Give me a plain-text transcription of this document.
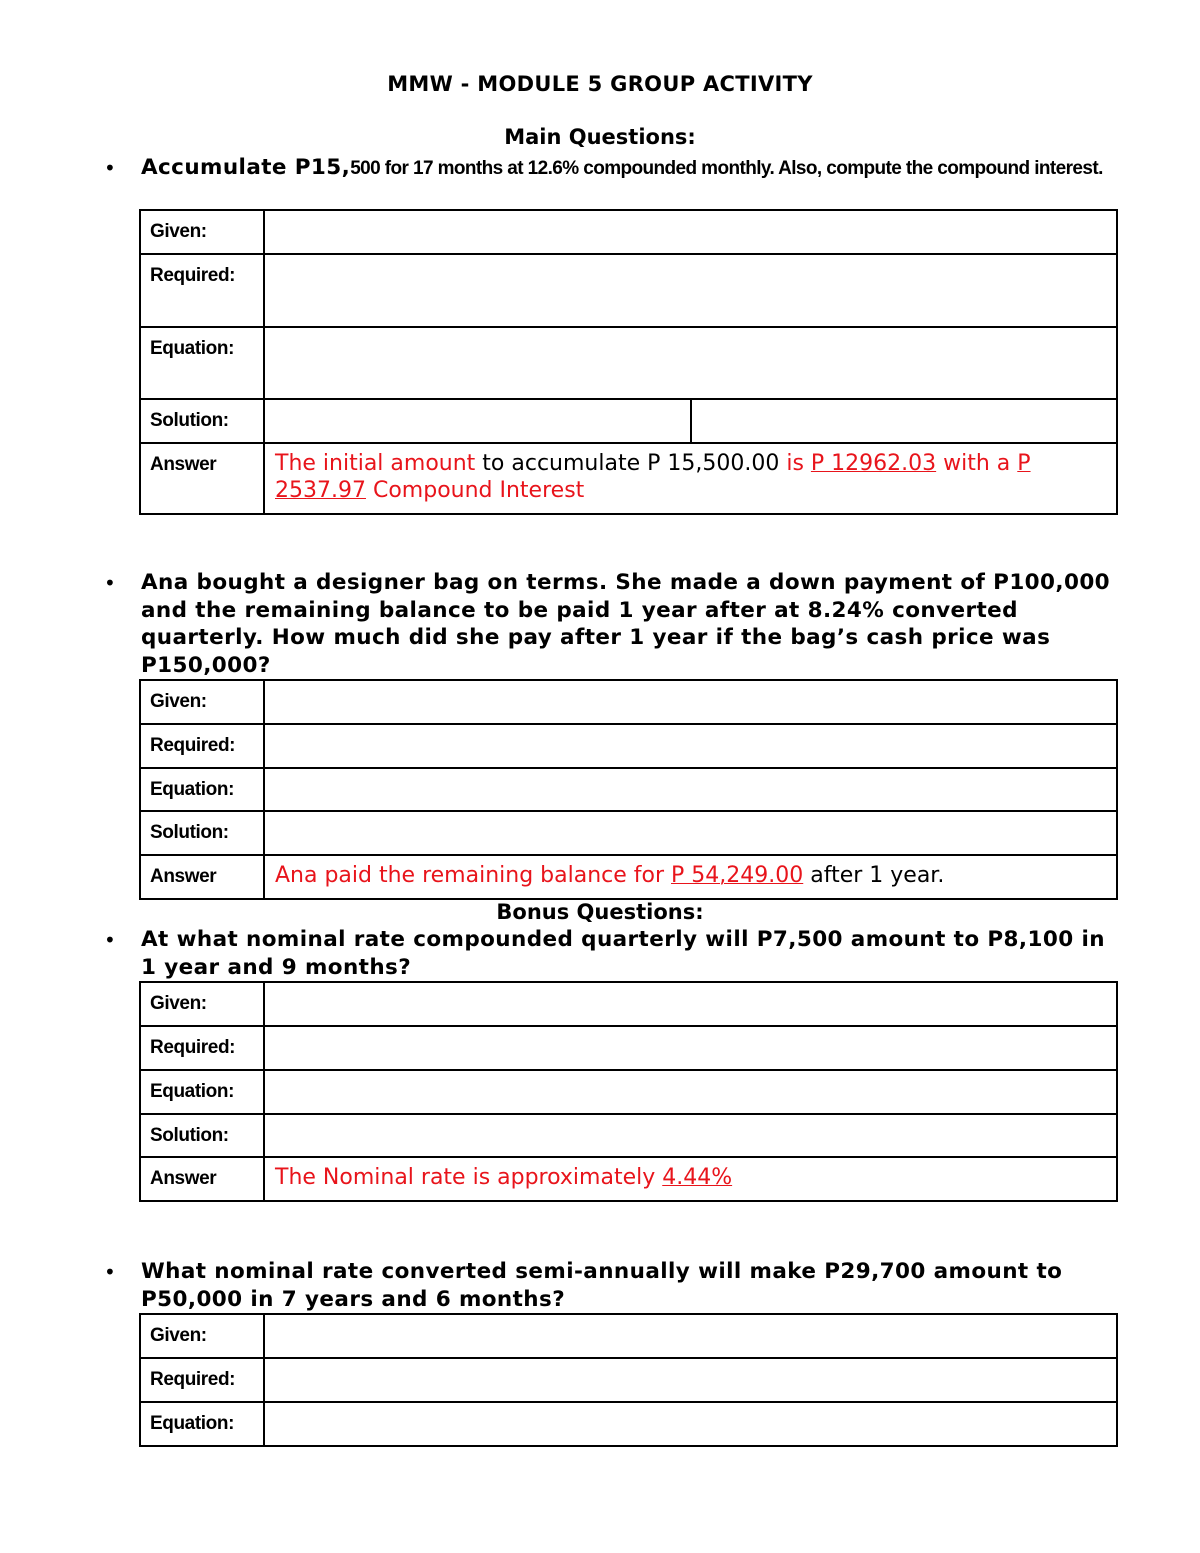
MMW - MODULE 5 GROUP ACTIVITY
Main Questions:
• Accumulate P15,500 for 17 months at 12.6% compounded monthly. Also, compute the compound interest.
Given:		
Required:		
Equation:		
Solution:		
Answer	The initial amount to accumulate P 15,500.00 is P 12962.03 with a P 2537.97 Compound Interest	
• Ana bought a designer bag on terms. She made a down payment of P100,000 and the remaining balance to be paid 1 year after at 8.24% converted quarterly. How much did she pay after 1 year if the bag’s cash price was P150,000?
Given:	
Required:	
Equation:	
Solution:	
Answer	Ana paid the remaining balance for P 54,249.00 after 1 year.
Bonus Questions:
• At what nominal rate compounded quarterly will P7,500 amount to P8,100 in 1 year and 9 months?
Given:	
Required:	
Equation:	
Solution:	
Answer	The Nominal rate is approximately 4.44%
• What nominal rate converted semi-annually will make P29,700 amount to P50,000 in 7 years and 6 months?
Given:	
Required:	
Equation:	
